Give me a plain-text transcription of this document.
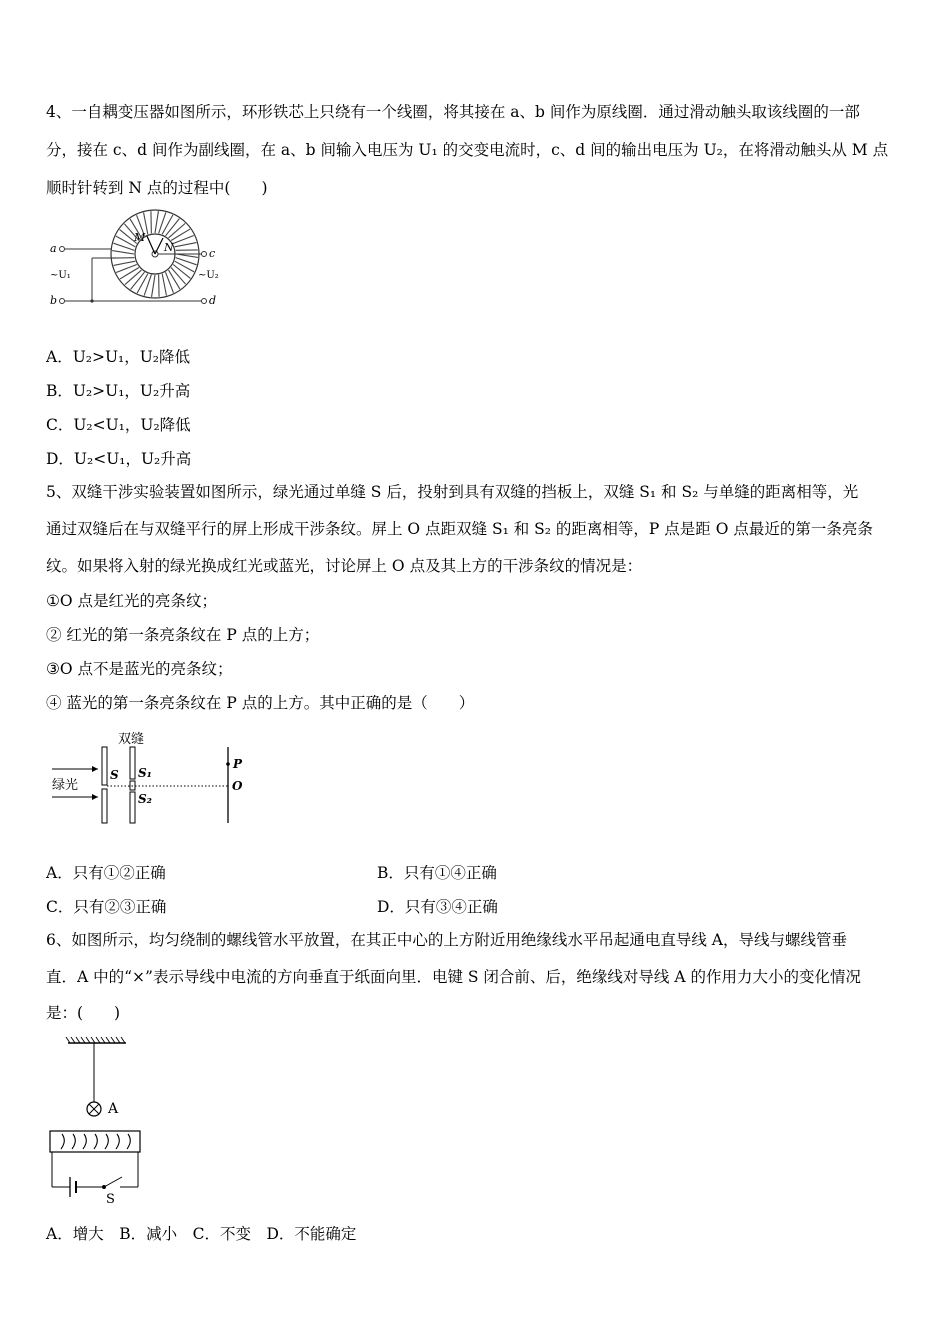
4、一自耦变压器如图所示，环形铁芯上只绕有一个线圈，将其接在 a、b 间作为原线圈．通过滑动触头取该线圈的一部
分，接在 c、d 间作为副线圈，在 a、b 间输入电压为 U₁ 的交变电流时，c、d 间的输出电压为 U₂，在将滑动触头从 M 点
顺时针转到 N 点的过程中(　　)
M
N
a
b
c
d
~U₁	~U₂
A．U₂>U₁，U₂降低
B．U₂>U₁，U₂升高
C．U₂<U₁，U₂降低
D．U₂<U₁，U₂升高
5、双缝干涉实验装置如图所示，绿光通过单缝 S 后，投射到具有双缝的挡板上，双缝 S₁ 和 S₂ 与单缝的距离相等，光
通过双缝后在与双缝平行的屏上形成干涉条纹。屏上 O 点距双缝 S₁ 和 S₂ 的距离相等，P 点是距 O 点最近的第一条亮条
纹。如果将入射的绿光换成红光或蓝光，讨论屏上 O 点及其上方的干涉条纹的情况是：
①O 点是红光的亮条纹；
② 红光的第一条亮条纹在 P 点的上方；
③O 点不是蓝光的亮条纹；
④ 蓝光的第一条亮条纹在 P 点的上方。其中正确的是（　　）
双缝
绿光
S S₁
S₂
P
O
A．只有①②正确	B．只有①④正确
C．只有②③正确	D．只有③④正确
6、如图所示，均匀绕制的螺线管水平放置，在其正中心的上方附近用绝缘线水平吊起通电直导线 A，导线与螺线管垂
直．A 中的“×”表示导线中电流的方向垂直于纸面向里．电键 S 闭合前、后，绝缘线对导线 A 的作用力大小的变化情况
是：(　　)
A
S
A．增大　B．减小　C．不变　D．不能确定
